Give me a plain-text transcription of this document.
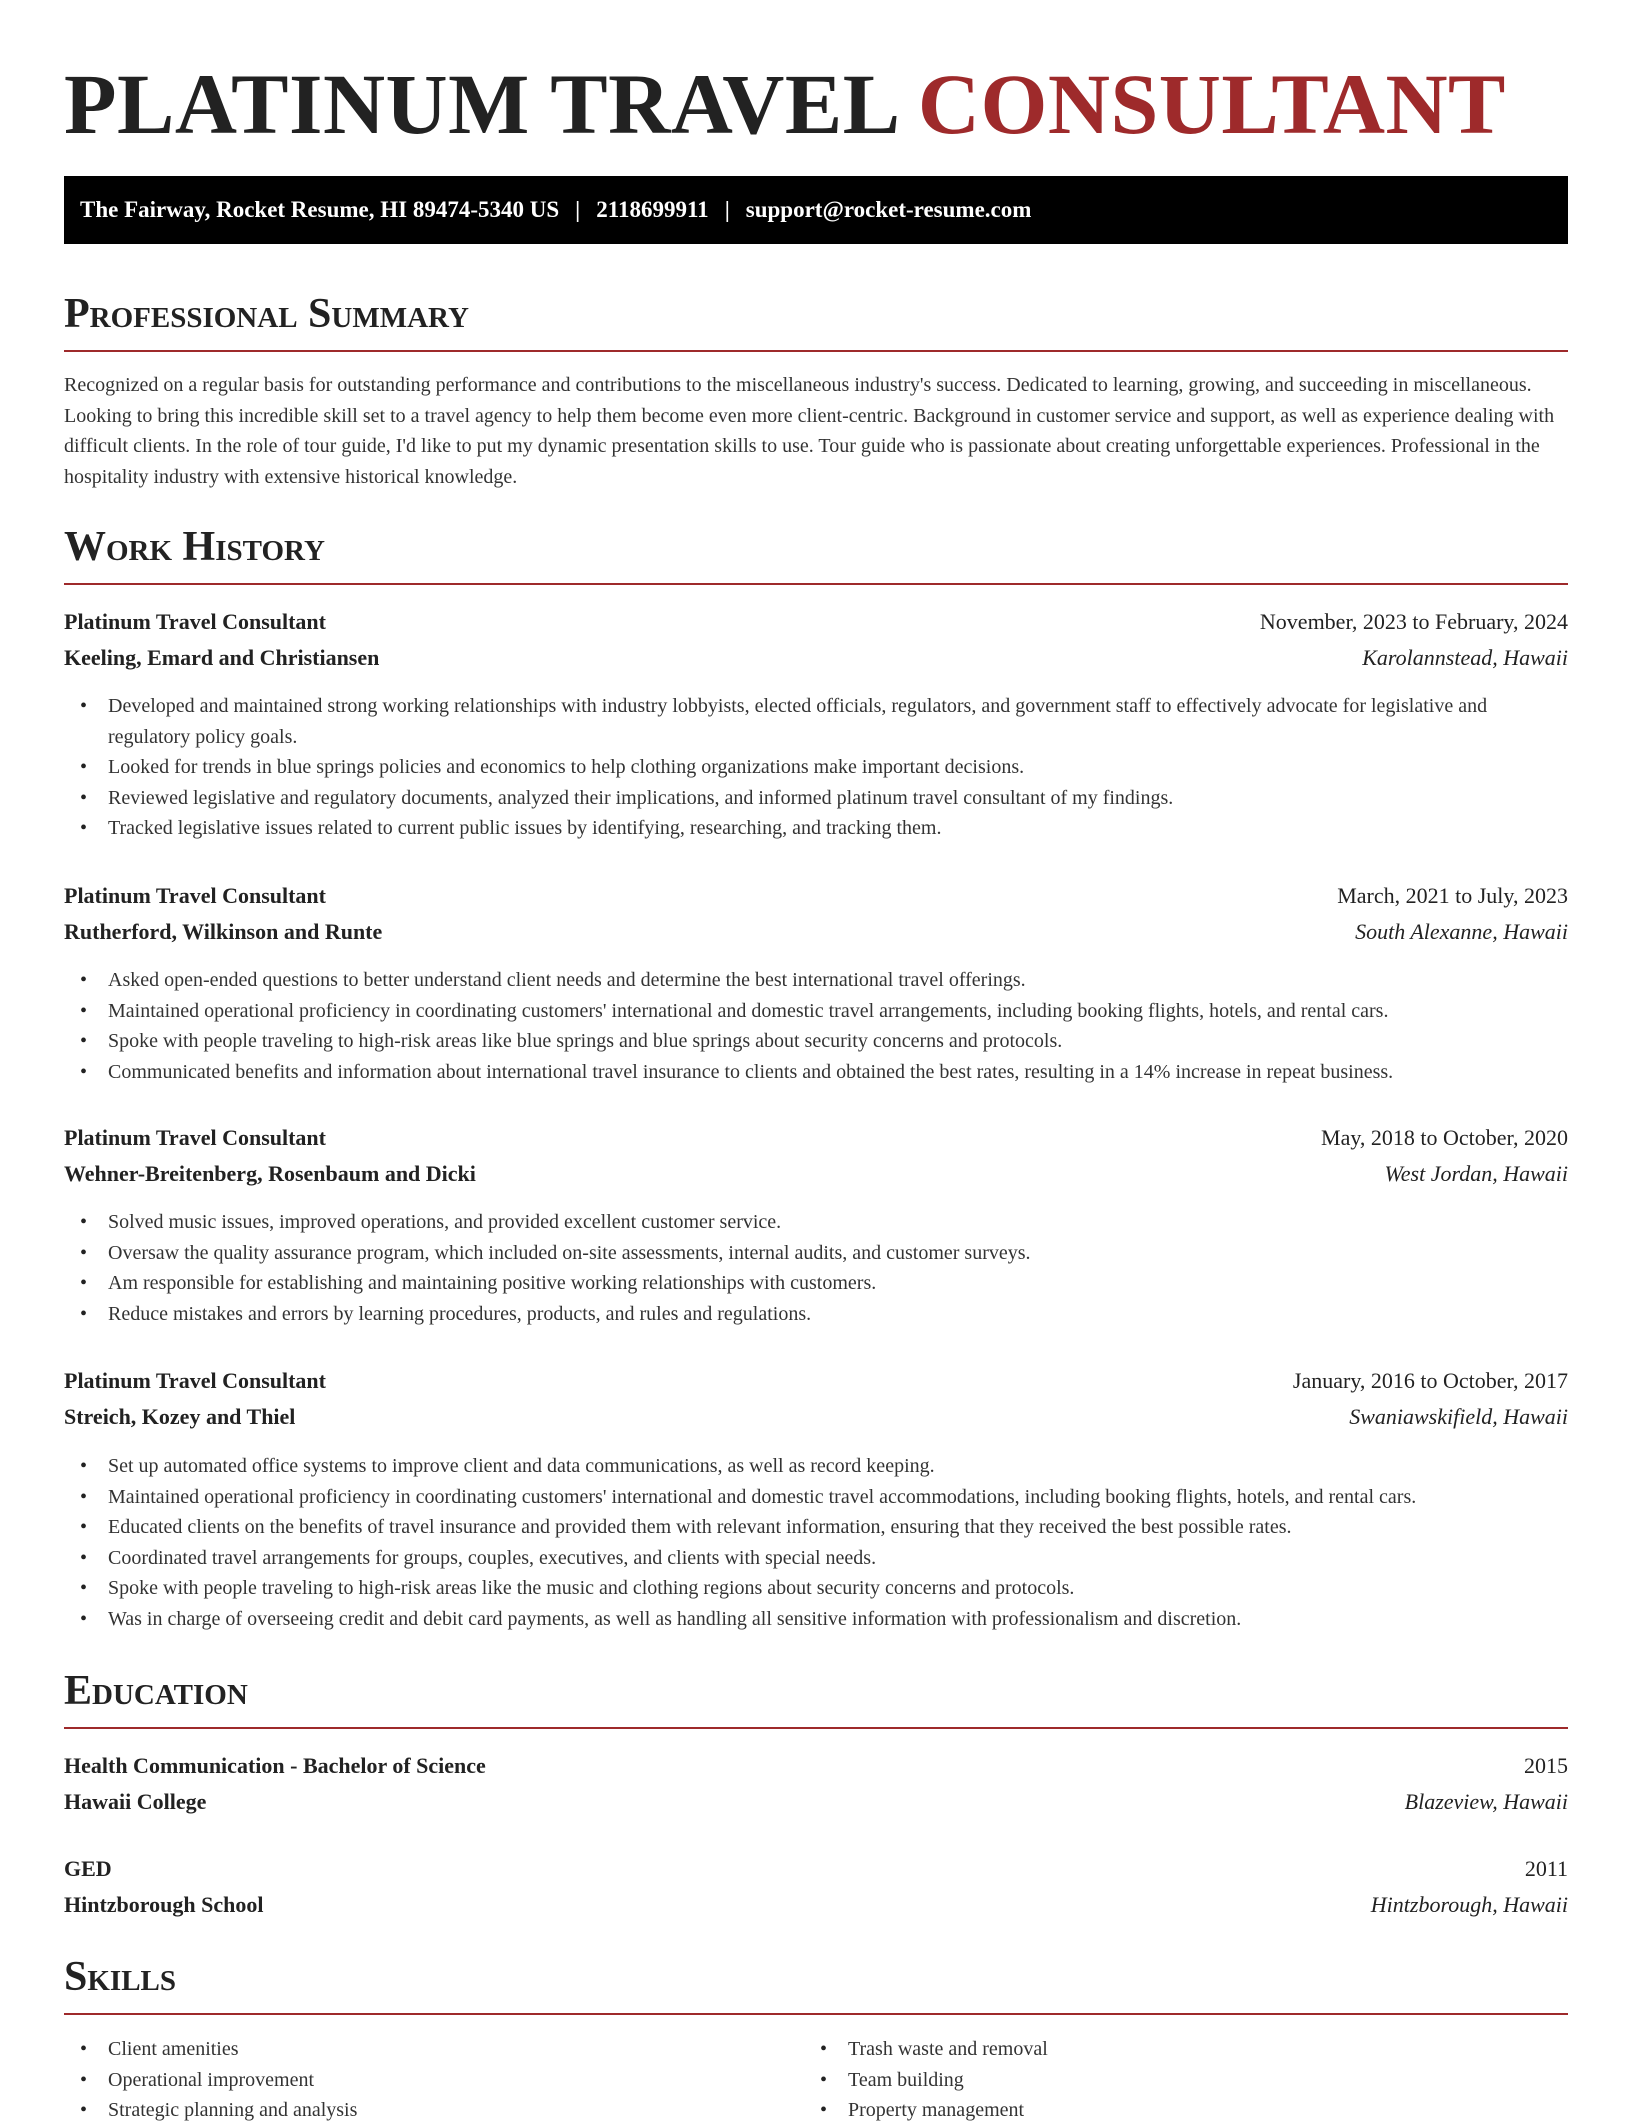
PLATINUM TRAVEL CONSULTANT
The Fairway, Rocket Resume, HI 89474-5340 US | 2118699911 | support@rocket-resume.com
Professional Summary

Recognized on a regular basis for outstanding performance and contributions to the miscellaneous industry's success. Dedicated to learning, growing, and succeeding in miscellaneous. Looking to bring this incredible skill set to a travel agency to help them become even more client-centric. Background in customer service and support, as well as experience dealing with difficult clients. In the role of tour guide, I'd like to put my dynamic presentation skills to use. Tour guide who is passionate about creating unforgettable experiences. Professional in the hospitality industry with extensive historical knowledge.

Work History
Platinum Travel Consultant	November, 2023 to February, 2024
Keeling, Emard and Christiansen	Karolannstead, Hawaii
• Developed and maintained strong working relationships with industry lobbyists, elected officials, regulators, and government staff to effectively advocate for legislative and regulatory policy goals.
• Looked for trends in blue springs policies and economics to help clothing organizations make important decisions.
• Reviewed legislative and regulatory documents, analyzed their implications, and informed platinum travel consultant of my findings.
• Tracked legislative issues related to current public issues by identifying, researching, and tracking them.
Platinum Travel Consultant	March, 2021 to July, 2023
Rutherford, Wilkinson and Runte	South Alexanne, Hawaii
• Asked open-ended questions to better understand client needs and determine the best international travel offerings.
• Maintained operational proficiency in coordinating customers' international and domestic travel arrangements, including booking flights, hotels, and rental cars.
• Spoke with people traveling to high-risk areas like blue springs and blue springs about security concerns and protocols.
• Communicated benefits and information about international travel insurance to clients and obtained the best rates, resulting in a 14% increase in repeat business.
Platinum Travel Consultant	May, 2018 to October, 2020
Wehner-Breitenberg, Rosenbaum and Dicki	West Jordan, Hawaii
• Solved music issues, improved operations, and provided excellent customer service.
• Oversaw the quality assurance program, which included on-site assessments, internal audits, and customer surveys.
• Am responsible for establishing and maintaining positive working relationships with customers.
• Reduce mistakes and errors by learning procedures, products, and rules and regulations.
Platinum Travel Consultant	January, 2016 to October, 2017
Streich, Kozey and Thiel	Swaniawskifield, Hawaii
• Set up automated office systems to improve client and data communications, as well as record keeping.
• Maintained operational proficiency in coordinating customers' international and domestic travel accommodations, including booking flights, hotels, and rental cars.
• Educated clients on the benefits of travel insurance and provided them with relevant information, ensuring that they received the best possible rates.
• Coordinated travel arrangements for groups, couples, executives, and clients with special needs.
• Spoke with people traveling to high-risk areas like the music and clothing regions about security concerns and protocols.
• Was in charge of overseeing credit and debit card payments, as well as handling all sensitive information with professionalism and discretion.
Education
Health Communication - Bachelor of Science	2015
Hawaii College	Blazeview, Hawaii
GED	2011
Hintzborough School	Hintzborough, Hawaii
Skills
• Client amenities
• Operational improvement
• Strategic planning and analysis
• Trash waste and removal
• Team building
• Property management
